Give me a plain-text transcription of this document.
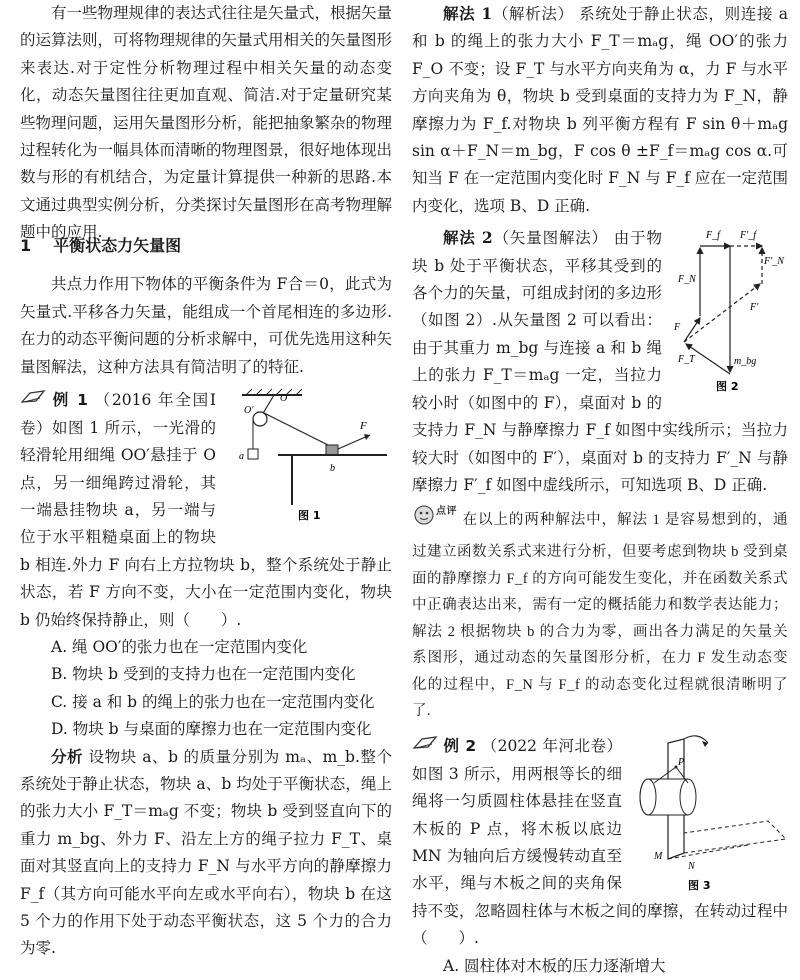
有一些物理规律的表达式往往是矢量式，根据矢量的运算法则，可将物理规律的矢量式用相关的矢量图形来表达.对于定性分析物理过程中相关矢量的动态变化，动态矢量图往往更加直观、简洁.对于定量研究某些物理问题，运用矢量图形分析，能把抽象繁杂的物理过程转化为一幅具体而清晰的物理图景，很好地体现出数与形的有机结合，为定量计算提供一种新的思路.本文通过典型实例分析，分类探讨矢量图形在高考物理解题中的应用.

1 平衡状态力矢量图

共点力作用下物体的平衡条件为 F合＝0，此式为矢量式.平移各力矢量，能组成一个首尾相连的多边形.在力的动态平衡问题的分析求解中，可优先选用这种矢量图解法，这种方法具有简洁明了的特征.

O
O′
a
b
F
图 1

例 1 （2016 年全国Ⅰ卷）如图 1 所示，一光滑的轻滑轮用细绳 OO′悬挂于 O 点，另一细绳跨过滑轮，其一端悬挂物块 a，另一端与位于水平粗糙桌面上的物块 b 相连.外力 F 向右上方拉物块 b，整个系统处于静止状态，若 F 方向不变，大小在一定范围内变化，物块 b 仍始终保持静止，则（　　）.

A. 绳 OO′的张力也在一定范围内变化

B. 物块 b 受到的支持力也在一定范围内变化

C. 接 a 和 b 的绳上的张力也在一定范围内变化

D. 物块 b 与桌面的摩擦力也在一定范围内变化

分析 设物块 a、b 的质量分别为 mₐ、m_b.整个系统处于静止状态，物块 a、b 均处于平衡状态，绳上的张力大小 F_T＝mₐg 不变；物块 b 受到竖直向下的重力 m_bg、外力 F、沿左上方的绳子拉力 F_T、桌面对其竖直向上的支持力 F_N 与水平方向的静摩擦力 F_f（其方向可能水平向左或水平向右），物块 b 在这 5 个力的作用下处于动态平衡状态，这 5 个力的合力为零.

解法 1（解析法） 系统处于静止状态，则连接 a 和 b 的绳上的张力大小 F_T＝mₐg，绳 OO′的张力 F_O 不变；设 F_T 与水平方向夹角为 α，力 F 与水平方向夹角为 θ，物块 b 受到桌面的支持力为 F_N，静摩擦力为 F_f.对物块 b 列平衡方程有 F sin θ＋mₐg sin α＋F_N＝m_bg，F cos θ ±F_f＝mₐg cos α.可知当 F 在一定范围内变化时 F_N 与 F_f 应在一定范围内变化，选项 B、D 正确.

F_f F′_f
F_N
F′_N
F′
F
F_T	m_bg
图 2

解法 2（矢量图解法） 由于物块 b 处于平衡状态，平移其受到的各个力的矢量，可组成封闭的多边形（如图 2）.从矢量图 2 可以看出：由于其重力 m_bg 与连接 a 和 b 绳上的张力 F_T＝mₐg 一定，当拉力较小时（如图中的 F），桌面对 b 的支持力 F_N 与静摩擦力 F_f 如图中实线所示；当拉力较大时（如图中的 F′），桌面对 b 的支持力 F′_N 与静摩擦力 F′_f 如图中虚线所示，可知选项 B、D 正确.

点评
在以上的两种解法中，解法 1 是容易想到的，通过建立函数关系式来进行分析，但要考虑到物块 b 受到桌面的静摩擦力 F_f 的方向可能发生变化，并在函数关系式中正确表达出来，需有一定的概括能力和数学表达能力；解法 2 根据物块 b 的合力为零，画出各力满足的矢量关系图形，通过动态的矢量图形分析，在力 F 发生动态变化的过程中，F_N 与 F_f 的动态变化过程就很清晰明了了.

P
M
N
图 3

例 2 （2022 年河北卷）如图 3 所示，用两根等长的细绳将一匀质圆柱体悬挂在竖直木板的 P 点，将木板以底边 MN 为轴向后方缓慢转动直至水平，绳与木板之间的夹角保持不变，忽略圆柱体与木板之间的摩擦，在转动过程中（　　）.

A. 圆柱体对木板的压力逐渐增大
